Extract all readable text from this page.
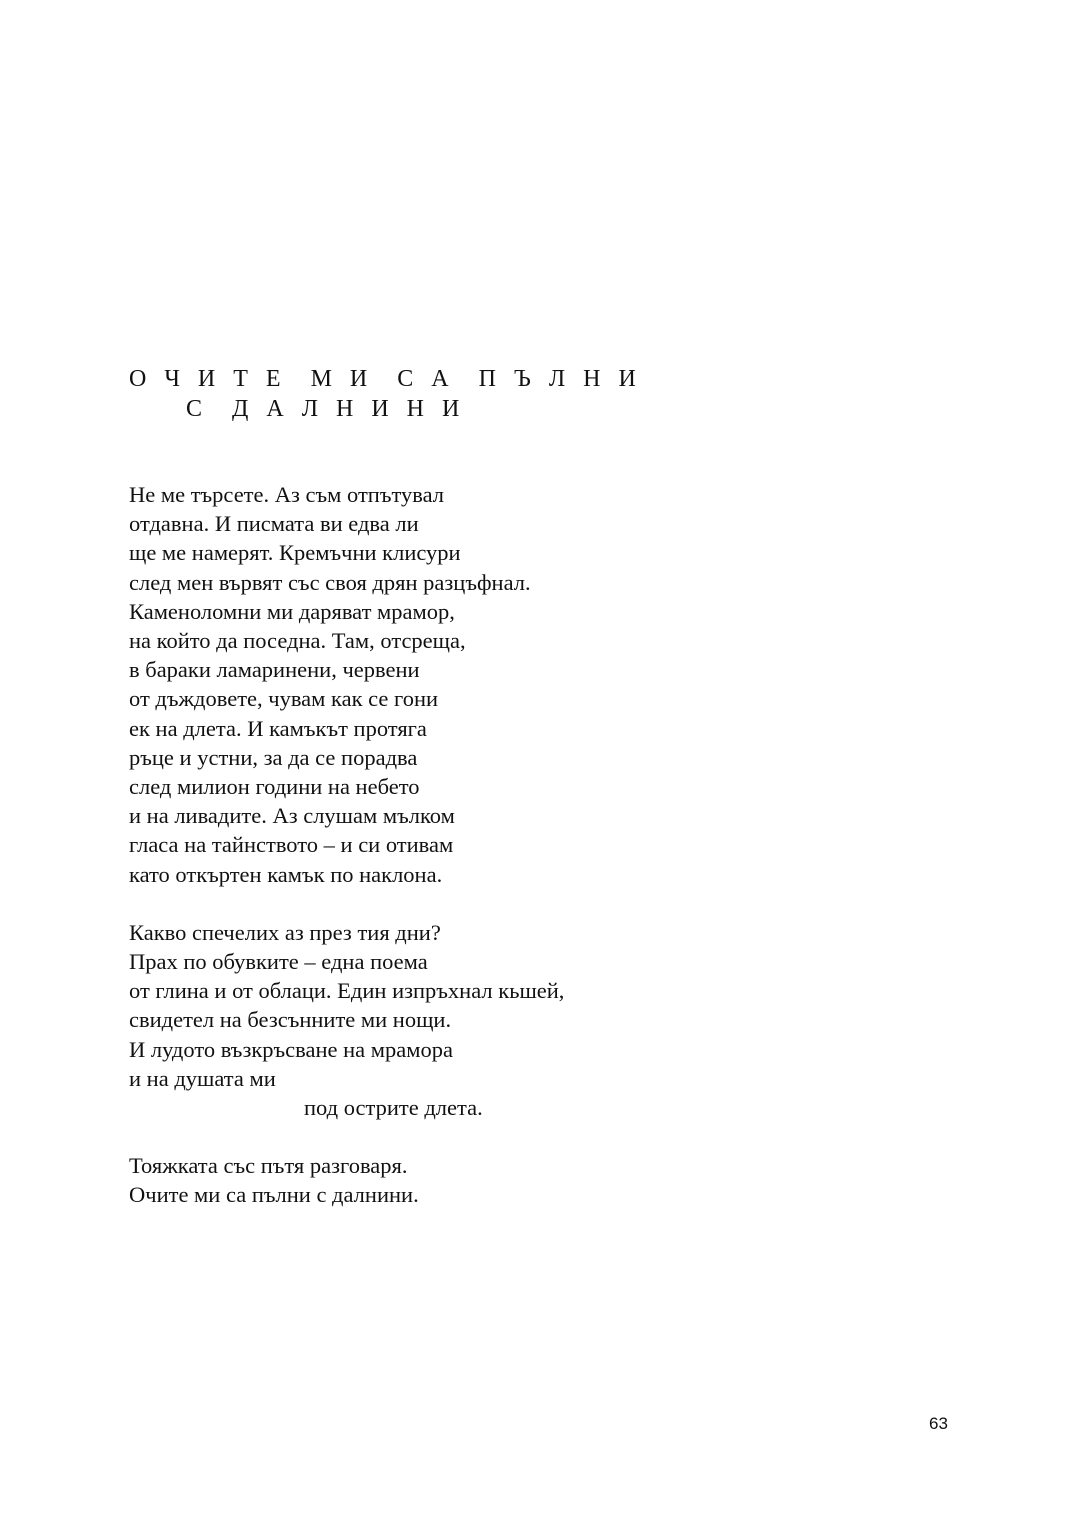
О Ч И Т Е  М И  С А  П Ъ Л Н И
С  Д А Л Н И Н И
Не ме търсете. Аз съм отпътувал
отдавна. И писмата ви едва ли
ще ме намерят. Кремъчни клисури
след мен вървят със своя дрян разцъфнал.
Каменоломни ми даряват мрамор,
на който да поседна. Там, отсреща,
в бараки ламаринени, червени
от дъждовете, чувам как се гони
ек на длета. И камъкът протяга
ръце и устни, за да се порадва
след милион години на небето
и на ливадите. Аз слушам мълком
гласа на тайнството – и си отивам
като откъртен камък по наклона.
Какво спечелих аз през тия дни?
Прах по обувките – една поема
от глина и от облаци. Един изпръхнал кьшей,
свидетел на безсънните ми нощи.
И лудото възкръсване на мрамора
и на душата ми
под острите длета.
Тояжката със пътя разговаря.
Очите ми са пълни с далнини.
63
